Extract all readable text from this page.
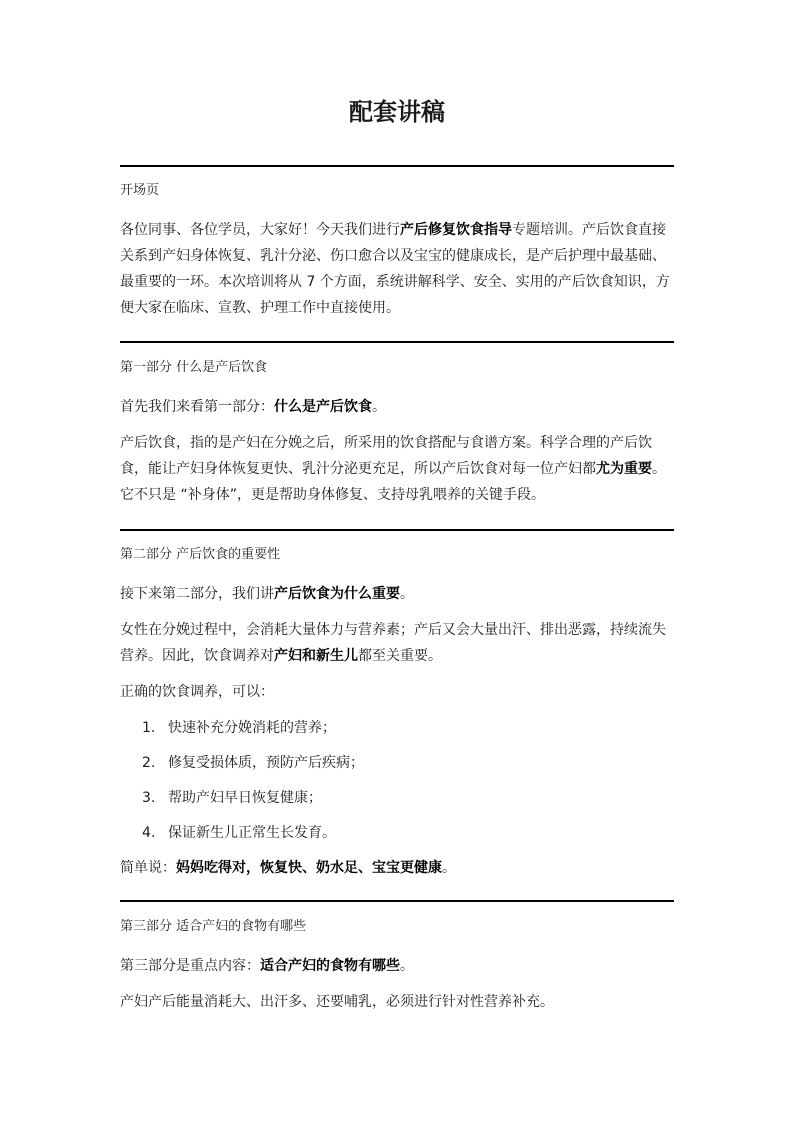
配套讲稿
开场页

各位同事、各位学员，大家好！今天我们进行产后修复饮食指导专题培训。产后饮食直接关系到产妇身体恢复、乳汁分泌、伤口愈合以及宝宝的健康成长，是产后护理中最基础、最重要的一环。本次培训将从 7 个方面，系统讲解科学、安全、实用的产后饮食知识，方便大家在临床、宣教、护理工作中直接使用。

第一部分 什么是产后饮食

首先我们来看第一部分：什么是产后饮食。

产后饮食，指的是产妇在分娩之后，所采用的饮食搭配与食谱方案。科学合理的产后饮食，能让产妇身体恢复更快、乳汁分泌更充足，所以产后饮食对每一位产妇都尤为重要。它不只是 “补身体”，更是帮助身体修复、支持母乳喂养的关键手段。

第二部分 产后饮食的重要性

接下来第二部分，我们讲产后饮食为什么重要。

女性在分娩过程中，会消耗大量体力与营养素；产后又会大量出汗、排出恶露，持续流失营养。因此，饮食调养对产妇和新生儿都至关重要。

正确的饮食调养，可以：

1. 快速补充分娩消耗的营养；
2. 修复受损体质，预防产后疾病；
3. 帮助产妇早日恢复健康；
4. 保证新生儿正常生长发育。

简单说：妈妈吃得对，恢复快、奶水足、宝宝更健康。

第三部分 适合产妇的食物有哪些

第三部分是重点内容：适合产妇的食物有哪些。

产妇产后能量消耗大、出汗多、还要哺乳，必须进行针对性营养补充。
